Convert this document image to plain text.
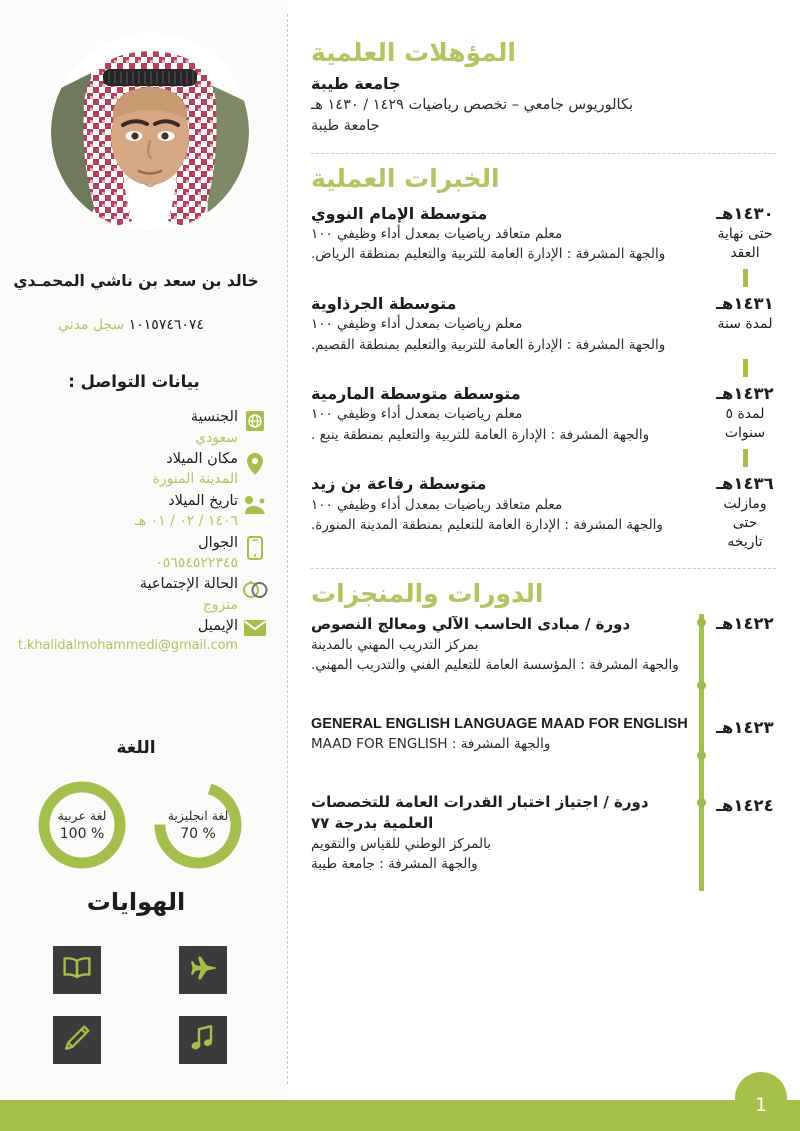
خالد بن سعد بن ناشي المحمـدي
١٠١٥٧٤٦٠٧٤ سجل مدني
بيانات التواصل :
الجنسية
سعودي
مكان الميلاد
المدينة المنورة
تاريخ الميلاد
١٤٠٦ / ٠٢ / ٠١ هـ
الجوال
٠٥٦٥٤٥٢٢٣٤٥
الحالة الإجتماعية
متزوج
الإيميل
t.khalidalmohammedi@gmail.com
اللغة
لغة عربية
100 %
لغة انجليزية
70 %
الهوايات
المؤهلات العلمية
جامعة طيبة
بكالوريوس جامعي – تخصص رياضيات ١٤٢٩ / ١٤٣٠ هـ
جامعة طيبة
الخبرات العملية
١٤٣٠هـ
حتى نهاية العقد
متوسطة الإمام النووي
معلم متعاقد رياضيات بمعدل أداء وظيفي ١٠٠
والجهة المشرفة : الإدارة العامة للتربية والتعليم بمنطقة الرياض.
١٤٣١هـ
لمدة سنة
متوسطة الجرذاوية
معلم رياضيات بمعدل أداء وظيفي ١٠٠
والجهة المشرفة : الإدارة العامة للتربية والتعليم بمنطقة القصيم.
١٤٣٢هـ
لمدة ٥ سنوات
متوسطة متوسطة المارمية
معلم رياضيات بمعدل أداء وظيفي ١٠٠
والجهة المشرفة : الإدارة العامة للتربية والتعليم بمنطقة ينبع .
١٤٣٦هـ
ومازلت حتى تاريخه
متوسطة رفاعة بن زيد
معلم متعاقد رياضيات بمعدل أداء وظيفي ١٠٠
والجهة المشرفة : الإدارة العامة للتعليم بمنطقة المدينة المنورة.
الدورات والمنجزات
١٤٢٢هـ
دورة / مبادى الحاسب الآلي ومعالج النصوص
بمركز التدريب المهني بالمدينة
والجهة المشرفة : المؤسسة العامة للتعليم الفني والتدريب المهني.
١٤٢٣هـ
GENERAL ENGLISH LANGUAGE MAAD FOR ENGLISH
والجهة المشرفة : MAAD FOR ENGLISH
١٤٢٤هـ
دورة / اجتياز اختبار القدرات العامة للتخصصات العلمية بدرجة ٧٧
بالمركز الوطني للقياس والتقويم
والجهة المشرفة : جامعة طيبة
1
